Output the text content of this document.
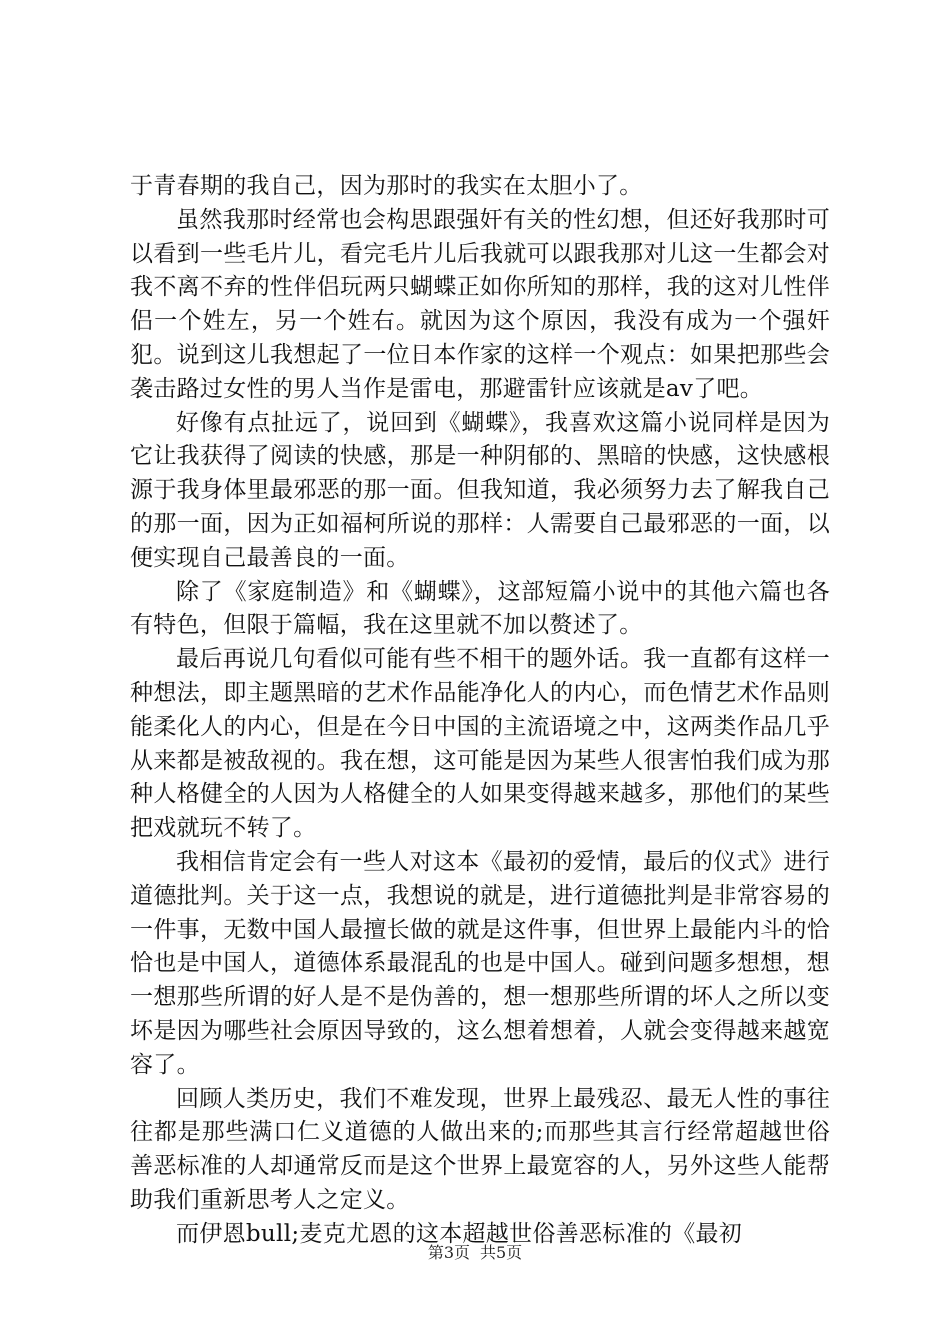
于青春期的我自己，因为那时的我实在太胆小了。

虽然我那时经常也会构思跟强奸有关的性幻想，但还好我那时可以看到一些毛片儿，看完毛片儿后我就可以跟我那对儿这一生都会对我不离不弃的性伴侣玩两只蝴蝶正如你所知的那样，我的这对儿性伴侣一个姓左，另一个姓右。就因为这个原因，我没有成为一个强奸犯。说到这儿我想起了一位日本作家的这样一个观点：如果把那些会袭击路过女性的男人当作是雷电，那避雷针应该就是av了吧。

好像有点扯远了，说回到《蝴蝶》，我喜欢这篇小说同样是因为它让我获得了阅读的快感，那是一种阴郁的、黑暗的快感，这快感根源于我身体里最邪恶的那一面。但我知道，我必须努力去了解我自己的那一面，因为正如福柯所说的那样：人需要自己最邪恶的一面，以便实现自己最善良的一面。

除了《家庭制造》和《蝴蝶》，这部短篇小说中的其他六篇也各有特色，但限于篇幅，我在这里就不加以赘述了。

最后再说几句看似可能有些不相干的题外话。我一直都有这样一种想法，即主题黑暗的艺术作品能净化人的内心，而色情艺术作品则能柔化人的内心，但是在今日中国的主流语境之中，这两类作品几乎从来都是被敌视的。我在想，这可能是因为某些人很害怕我们成为那种人格健全的人因为人格健全的人如果变得越来越多，那他们的某些把戏就玩不转了。

我相信肯定会有一些人对这本《最初的爱情，最后的仪式》进行道德批判。关于这一点，我想说的就是，进行道德批判是非常容易的一件事，无数中国人最擅长做的就是这件事，但世界上最能内斗的恰恰也是中国人，道德体系最混乱的也是中国人。碰到问题多想想，想一想那些所谓的好人是不是伪善的，想一想那些所谓的坏人之所以变坏是因为哪些社会原因导致的，这么想着想着，人就会变得越来越宽容了。

回顾人类历史，我们不难发现，世界上最残忍、最无人性的事往往都是那些满口仁义道德的人做出来的;而那些其言行经常超越世俗善恶标准的人却通常反而是这个世界上最宽容的人，另外这些人能帮助我们重新思考人之定义。

而伊恩bull;麦克尤恩的这本超越世俗善恶标准的《最初

第3页 共5页
